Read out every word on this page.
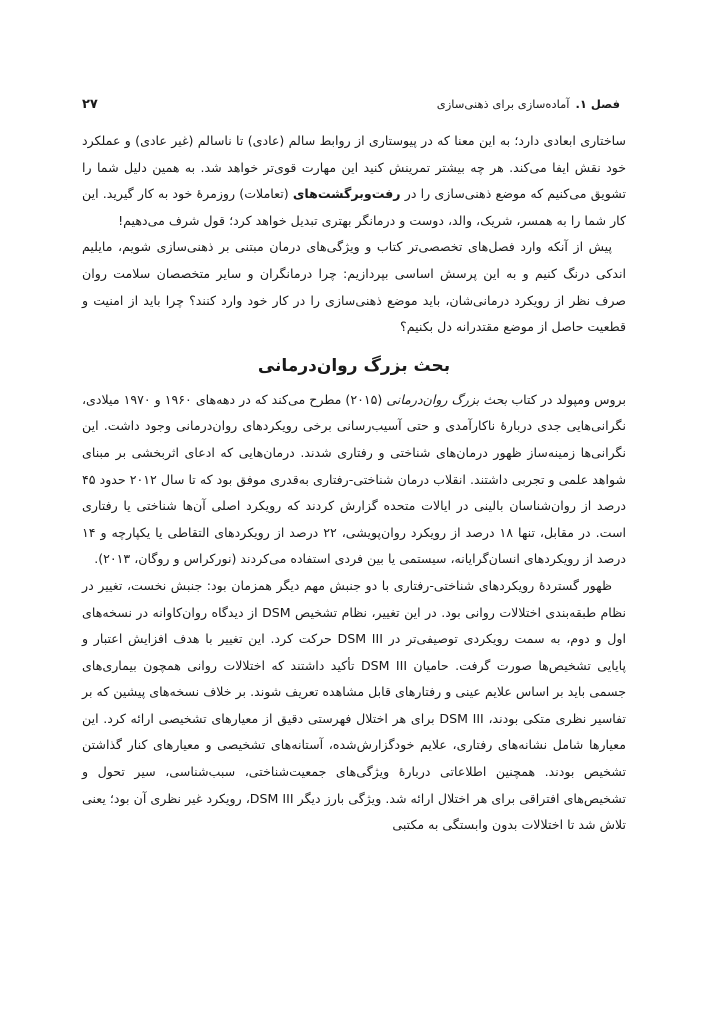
فصل ۱. آماده‌سازی برای ذهنی‌سازی
۲۷

ساختاری ابعادی دارد؛ به این معنا که در پیوستاری از روابط سالم (عادی) تا ناسالم (غیر عادی) و عملکرد خود نقش ایفا می‌کند. هر چه بیشتر تمرینش کنید این مهارت قوی‌تر خواهد شد. به همین دلیل شما را تشویق می‌کنیم که موضع ذهنی‌سازی را در رفت‌وبرگشت‌های (تعاملات) روزمرهٔ خود به کار گیرید. این کار شما را به همسر، شریک، والد، دوست و درمانگر بهتری تبدیل خواهد کرد؛ قول شرف می‌دهیم!

پیش از آنکه وارد فصل‌های تخصصی‌تر کتاب و ویژگی‌های درمان مبتنی بر ذهنی‌سازی شویم، مایلیم اندکی درنگ کنیم و به این پرسش اساسی بپردازیم: چرا درمانگران و سایر متخصصان سلامت روان صرف نظر از رویکرد درمانی‌شان، باید موضع ذهنی‌سازی را در کار خود وارد کنند؟ چرا باید از امنیت و قطعیت حاصل از موضع مقتدرانه دل بکنیم؟

بحث بزرگ روان‌درمانی

بروس ومپولد در کتاب بحث بزرگ روان‌درمانی (۲۰۱۵) مطرح می‌کند که در دهه‌های ۱۹۶۰ و ۱۹۷۰ میلادی، نگرانی‌هایی جدی دربارهٔ ناکارآمدی و حتی آسیب‌رسانی برخی رویکردهای روان‌درمانی وجود داشت. این نگرانی‌ها زمینه‌ساز ظهور درمان‌های شناختی و رفتاری شدند. درمان‌هایی که ادعای اثربخشی بر مبنای شواهد علمی و تجربی داشتند. انقلاب درمان شناختی-رفتاری به‌قدری موفق بود که تا سال ۲۰۱۲ حدود ۴۵ درصد از روان‌شناسان بالینی در ایالات متحده گزارش کردند که رویکرد اصلی آن‌ها شناختی یا رفتاری است. در مقابل، تنها ۱۸ درصد از رویکرد روان‌پویشی، ۲۲ درصد از رویکردهای التقاطی یا یکپارچه و ۱۴ درصد از رویکردهای انسان‌گرایانه، سیستمی یا بین فردی استفاده می‌کردند (نورکراس و روگان، ۲۰۱۳).

ظهور گستردهٔ رویکردهای شناختی-رفتاری با دو جنبش مهم دیگر همزمان بود: جنبش نخست، تغییر در نظام طبقه‌بندی اختلالات روانی بود. در این تغییر، نظام تشخیص DSM از دیدگاه روان‌کاوانه در نسخه‌های اول و دوم، به سمت رویکردی توصیفی‌تر در DSM III حرکت کرد. این تغییر با هدف افزایش اعتبار و پایایی تشخیص‌ها صورت گرفت. حامیان DSM III تأکید داشتند که اختلالات روانی همچون بیماری‌های جسمی باید بر اساس علایم عینی و رفتارهای قابل مشاهده تعریف شوند. بر خلاف نسخه‌های پیشین که بر تفاسیر نظری متکی بودند، DSM III برای هر اختلال فهرستی دقیق از معیارهای تشخیصی ارائه کرد. این معیارها شامل نشانه‌های رفتاری، علایم خودگزارش‌شده، آستانه‌های تشخیصی و معیارهای کنار گذاشتن تشخیص بودند. همچنین اطلاعاتی دربارهٔ ویژگی‌های جمعیت‌شناختی، سبب‌شناسی، سیر تحول و تشخیص‌های افتراقی برای هر اختلال ارائه شد. ویژگی بارز دیگر DSM III، رویکرد غیر نظری آن بود؛ یعنی تلاش شد تا اختلالات بدون وابستگی به مکتبی
